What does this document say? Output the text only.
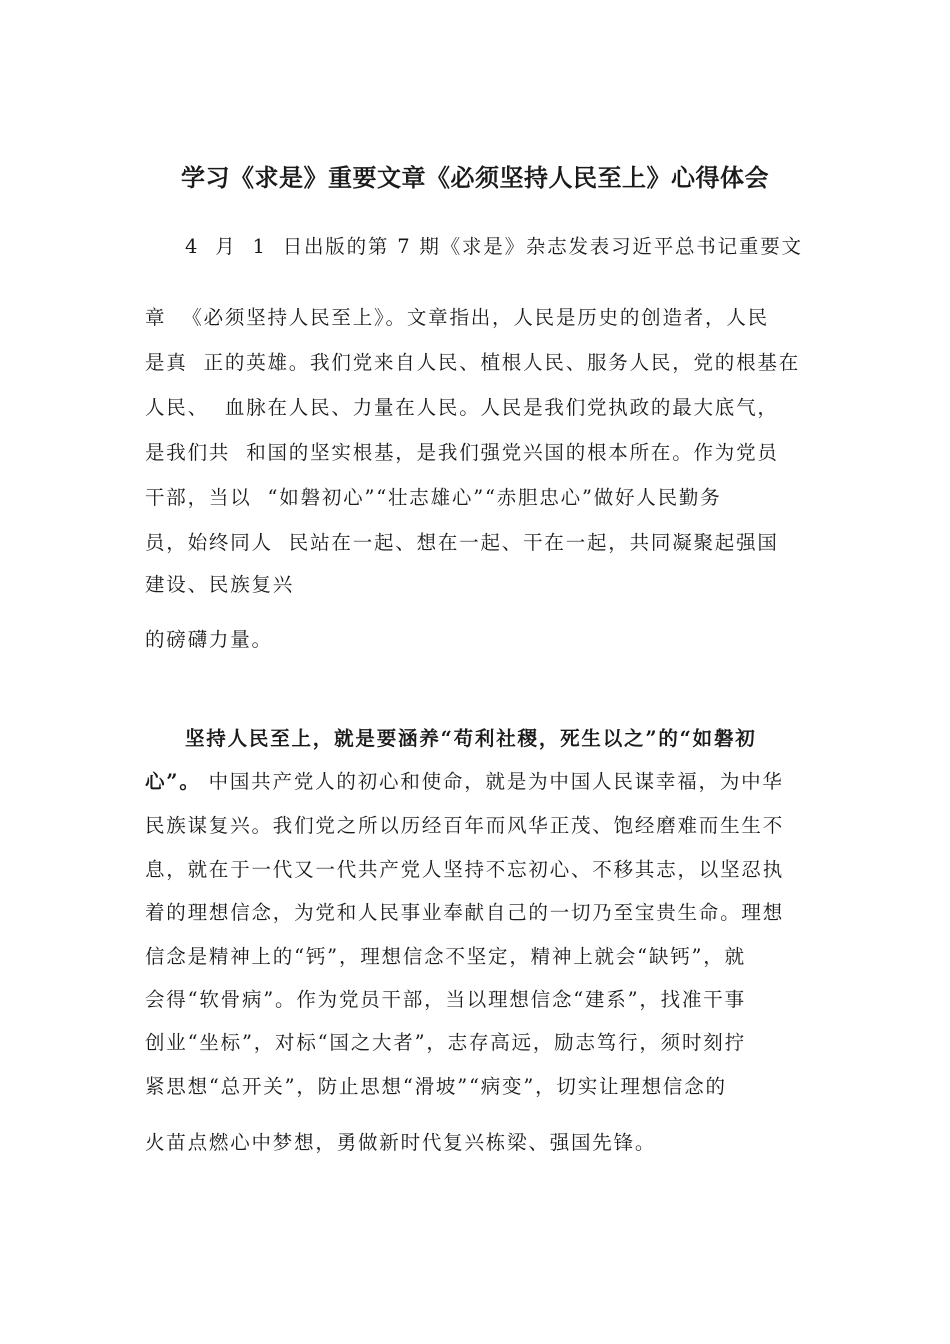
学习《求是》重要文章《必须坚持人民至上》心得体会
4  月  1  日出版的第 7 期《求是》杂志发表习近平总书记重要文
章  《必须坚持人民至上》。文章指出，人民是历史的创造者，人民
是真  正的英雄。我们党来自人民、植根人民、服务人民，党的根基在
人民、  血脉在人民、力量在人民。人民是我们党执政的最大底气，
是我们共  和国的坚实根基，是我们强党兴国的根本所在。作为党员
干部，当以  “如磐初心”“壮志雄心”“赤胆忠心”做好人民勤务
员，始终同人  民站在一起、想在一起、干在一起，共同凝聚起强国
建设、民族复兴
的磅礴力量。
坚持人民至上，就是要涵养“苟利社稷，死生以之”的“如磐初
心”。 中国共产党人的初心和使命，就是为中国人民谋幸福，为中华
民族谋复兴。我们党之所以历经百年而风华正茂、饱经磨难而生生不
息，就在于一代又一代共产党人坚持不忘初心、不移其志，以坚忍执
着的理想信念，为党和人民事业奉献自己的一切乃至宝贵生命。理想
信念是精神上的“钙”，理想信念不坚定，精神上就会“缺钙”，就
会得“软骨病”。作为党员干部，当以理想信念“建系”，找准干事
创业“坐标”，对标“国之大者”，志存高远，励志笃行，须时刻拧
紧思想“总开关”，防止思想“滑坡”“病变”，切实让理想信念的
火苗点燃心中梦想，勇做新时代复兴栋梁、强国先锋。
